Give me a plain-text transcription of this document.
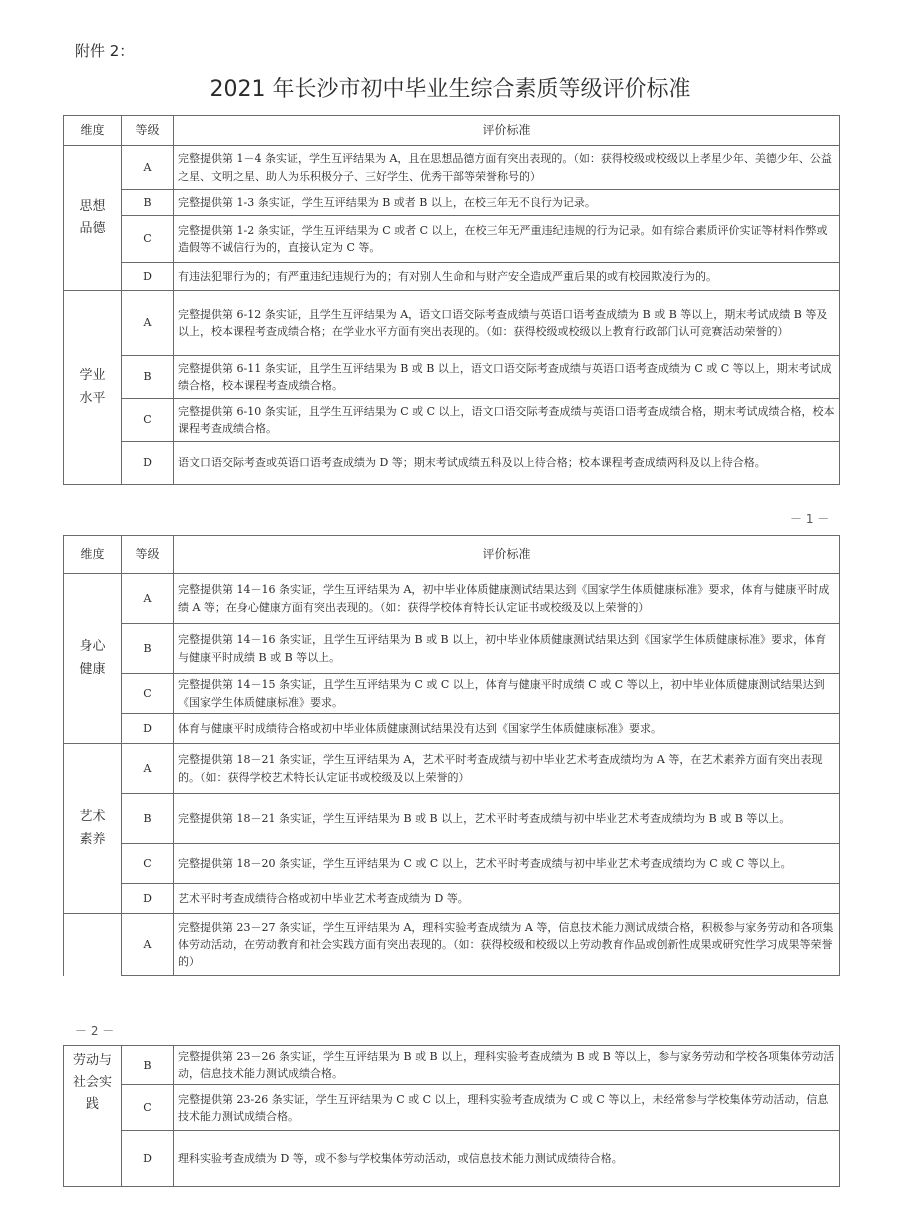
附件 2：
2021 年长沙市初中毕业生综合素质等级评价标准
维度	等级	评价标准

思想
品德	A	完整提供第 1－4 条实证，学生互评结果为 A，且在思想品德方面有突出表现的。（如：获得校级或校级以上孝星少年、美德少年、公益之星、文明之星、助人为乐积极分子、三好学生、优秀干部等荣誉称号的）
	B	完整提供第 1-3 条实证，学生互评结果为 B 或者 B 以上，在校三年无不良行为记录。
	C	完整提供第 1-2 条实证，学生互评结果为 C 或者 C 以上，在校三年无严重违纪违规的行为记录。如有综合素质评价实证等材料作弊或造假等不诚信行为的，直接认定为 C 等。
	D	有违法犯罪行为的；有严重违纪违规行为的；有对别人生命和与财产安全造成严重后果的或有校园欺凌行为的。

学业
水平	A	完整提供第 6-12 条实证，且学生互评结果为 A，语文口语交际考查成绩与英语口语考查成绩为 B 或 B 等以上，期末考试成绩 B 等及以上，校本课程考查成绩合格；在学业水平方面有突出表现的。（如：获得校级或校级以上教育行政部门认可竞赛活动荣誉的）
	B	完整提供第 6-11 条实证，且学生互评结果为 B 或 B 以上，语文口语交际考查成绩与英语口语考查成绩为 C 或 C 等以上，期末考试成绩合格，校本课程考查成绩合格。
	C	完整提供第 6-10 条实证，且学生互评结果为 C 或 C 以上，语文口语交际考查成绩与英语口语考查成绩合格，期末考试成绩合格，校本课程考查成绩合格。
	D	语文口语交际考查或英语口语考查成绩为 D 等；期末考试成绩五科及以上待合格；校本课程考查成绩两科及以上待合格。
－ 1 －
维度	等级	评价标准

身心
健康	A	完整提供第 14－16 条实证，学生互评结果为 A，初中毕业体质健康测试结果达到《国家学生体质健康标准》要求，体育与健康平时成绩 A 等；在身心健康方面有突出表现的。（如：获得学校体育特长认定证书或校级及以上荣誉的）
	B	完整提供第 14－16 条实证，且学生互评结果为 B 或 B 以上，初中毕业体质健康测试结果达到《国家学生体质健康标准》要求，体育与健康平时成绩 B 或 B 等以上。
	C	完整提供第 14－15 条实证，且学生互评结果为 C 或 C 以上，体育与健康平时成绩 C 或 C 等以上，初中毕业体质健康测试结果达到《国家学生体质健康标准》要求。
	D	体育与健康平时成绩待合格或初中毕业体质健康测试结果没有达到《国家学生体质健康标准》要求。

艺术
素养	A	完整提供第 18－21 条实证，学生互评结果为 A，艺术平时考查成绩与初中毕业艺术考查成绩均为 A 等，在艺术素养方面有突出表现的。（如：获得学校艺术特长认定证书或校级及以上荣誉的）
	B	完整提供第 18－21 条实证，学生互评结果为 B 或 B 以上，艺术平时考查成绩与初中毕业艺术考查成绩均为 B 或 B 等以上。
	C	完整提供第 18－20 条实证，学生互评结果为 C 或 C 以上，艺术平时考查成绩与初中毕业艺术考查成绩均为 C 或 C 等以上。
	D	艺术平时考查成绩待合格或初中毕业艺术考查成绩为 D 等。
	A	完整提供第 23－27 条实证，学生互评结果为 A，理科实验考查成绩为 A 等，信息技术能力测试成绩合格，积极参与家务劳动和各项集体劳动活动，在劳动教育和社会实践方面有突出表现的。（如：获得校级和校级以上劳动教育作品或创新性成果或研究性学习成果等荣誉的）
－ 2 －
劳动与
社会实
践	B	完整提供第 23－26 条实证，学生互评结果为 B 或 B 以上，理科实验考查成绩为 B 或 B 等以上，参与家务劳动和学校各项集体劳动活动，信息技术能力测试成绩合格。
	C	完整提供第 23-26 条实证，学生互评结果为 C 或 C 以上，理科实验考查成绩为 C 或 C 等以上，未经常参与学校集体劳动活动，信息技术能力测试成绩合格。
	D	理科实验考查成绩为 D 等，或不参与学校集体劳动活动，或信息技术能力测试成绩待合格。
